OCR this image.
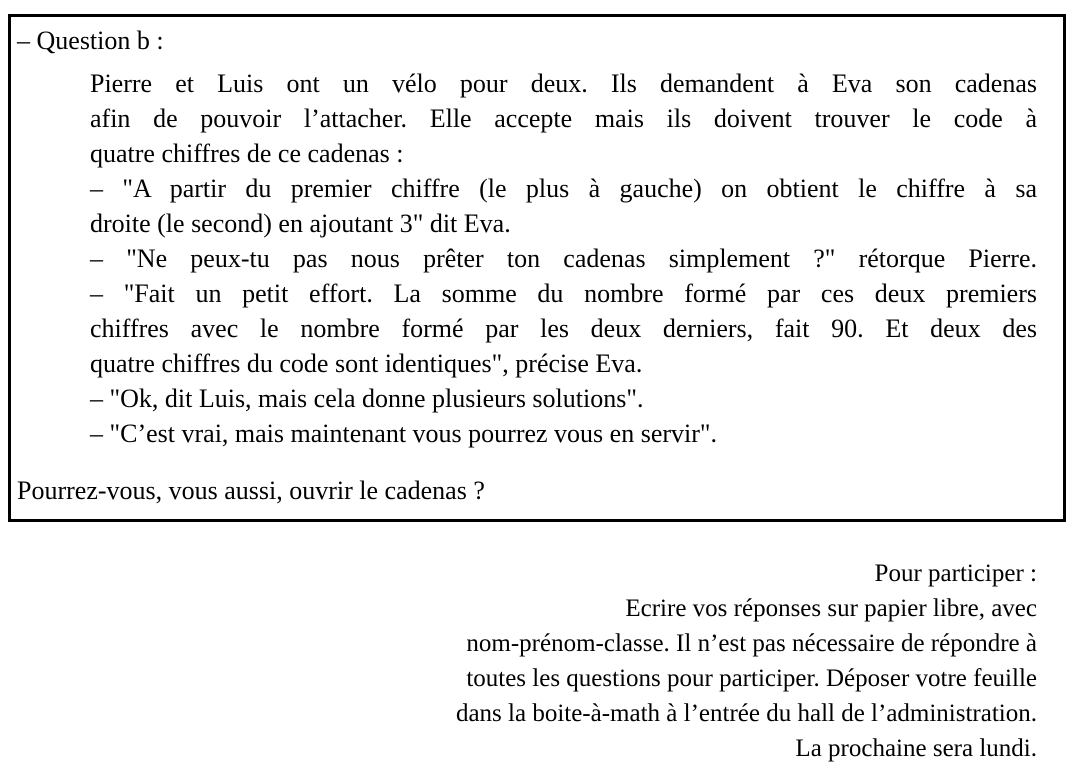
– Question b :
Pierre et Luis ont un vélo pour deux. Ils demandent à Eva son cadenas
afin de pouvoir l’attacher. Elle accepte mais ils doivent trouver le code à
quatre chiffres de ce cadenas :
– "A partir du premier chiffre (le plus à gauche) on obtient le chiffre à sa
droite (le second) en ajoutant 3" dit Eva.
– "Ne peux-tu pas nous prêter ton cadenas simplement ?" rétorque Pierre.
– "Fait un petit effort. La somme du nombre formé par ces deux premiers
chiffres avec le nombre formé par les deux derniers, fait 90. Et deux des
quatre chiffres du code sont identiques", précise Eva.
– "Ok, dit Luis, mais cela donne plusieurs solutions".
– "C’est vrai, mais maintenant vous pourrez vous en servir".
Pourrez-vous, vous aussi, ouvrir le cadenas ?
Pour participer :
Ecrire vos réponses sur papier libre, avec
nom-prénom-classe. Il n’est pas nécessaire de répondre à
toutes les questions pour participer. Déposer votre feuille
dans la boite-à-math à l’entrée du hall de l’administration.
La prochaine sera lundi.
